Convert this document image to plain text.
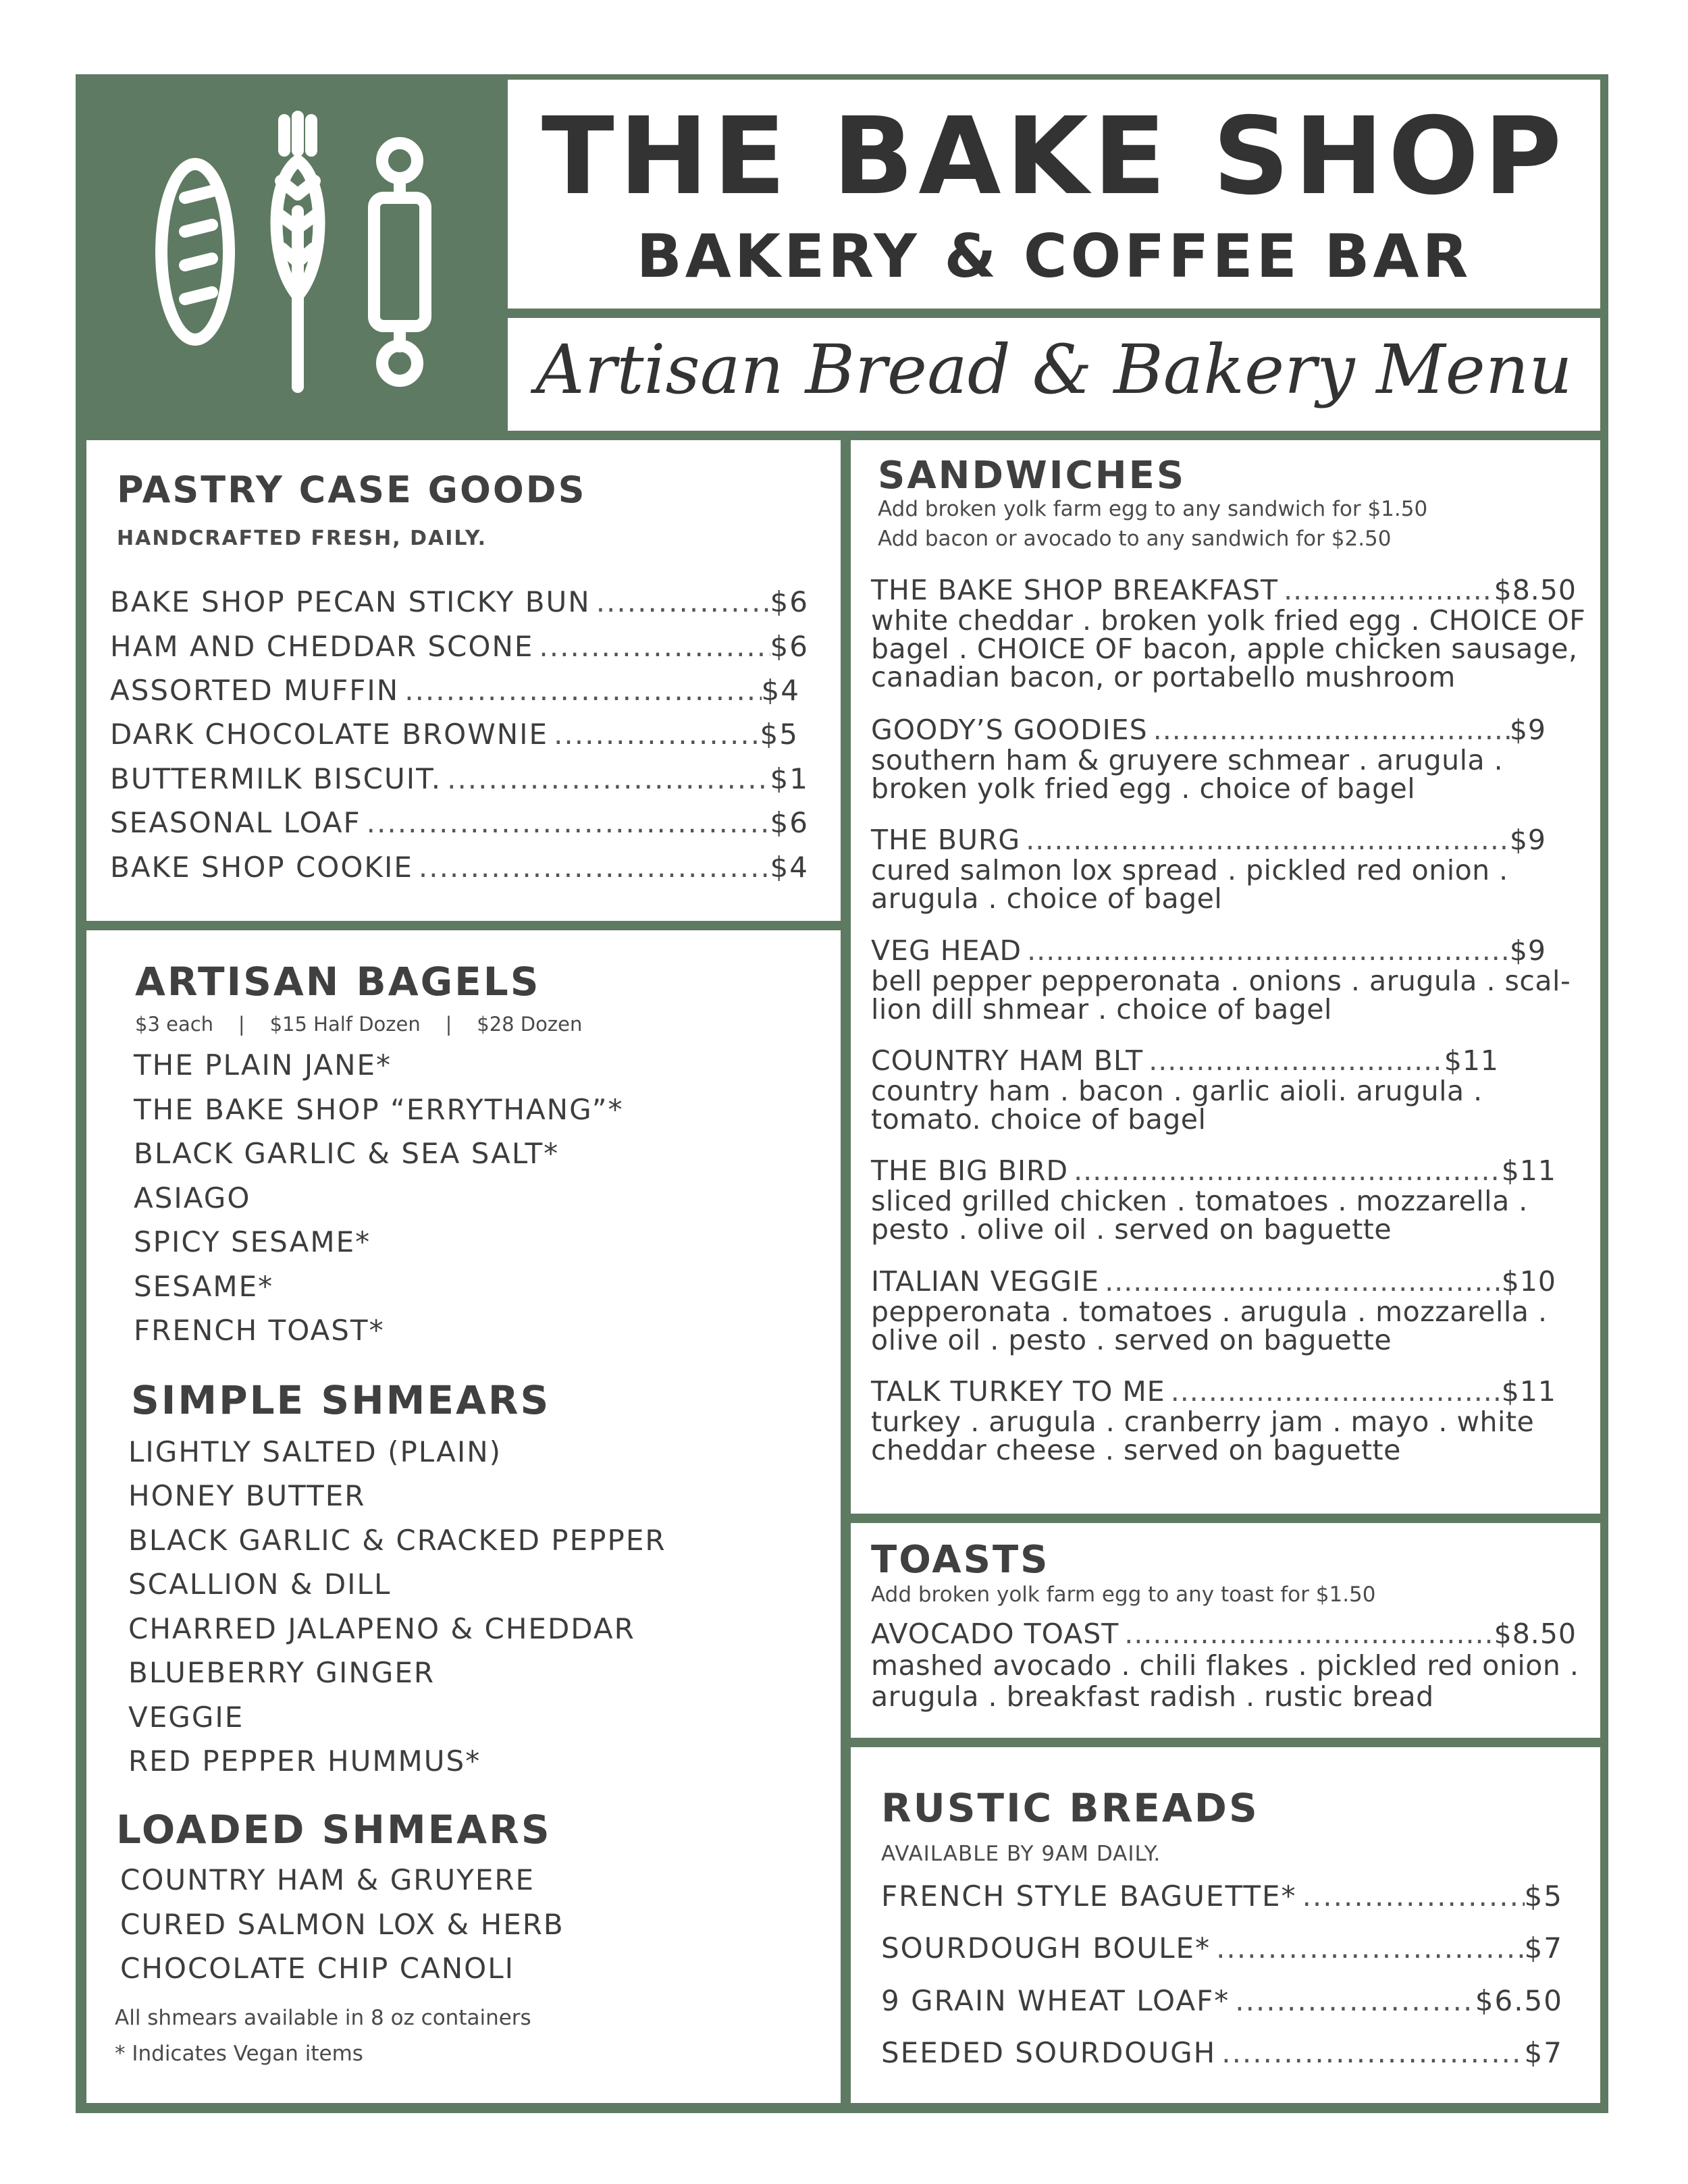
THE BAKE SHOP
BAKERY & COFFEE BAR
Artisan Bread & Bakery Menu
PASTRY CASE GOODS
HANDCRAFTED FRESH, DAILY.
BAKE SHOP PECAN STICKY BUN .....	$6
HAM AND CHEDDAR SCONE .....	$6
ASSORTED MUFFIN .....	$4
DARK CHOCOLATE BROWNIE .....	$5
BUTTERMILK BISCUIT. .....	$1
SEASONAL LOAF .....	$6
BAKE SHOP COOKIE .....	$4
ARTISAN BAGELS
$3 each    |    $15 Half Dozen    |    $28 Dozen
THE PLAIN JANE*
THE BAKE SHOP “ERRYTHANG”*
BLACK GARLIC & SEA SALT*
ASIAGO
SPICY SESAME*
SESAME*
FRENCH TOAST*
SIMPLE SHMEARS
LIGHTLY SALTED (PLAIN)
HONEY BUTTER
BLACK GARLIC & CRACKED PEPPER
SCALLION & DILL
CHARRED JALAPENO & CHEDDAR
BLUEBERRY GINGER
VEGGIE
RED PEPPER HUMMUS*
LOADED SHMEARS
COUNTRY HAM & GRUYERE
CURED SALMON LOX & HERB
CHOCOLATE CHIP CANOLI
All shmears available in 8 oz containers
* Indicates Vegan items
SANDWICHES
Add broken yolk farm egg to any sandwich for $1.50
Add bacon or avocado to any sandwich for $2.50
THE BAKE SHOP BREAKFAST .....	$8.50
white cheddar . broken yolk fried egg . CHOICE OF bagel . CHOICE OF bacon, apple chicken sausage, canadian bacon, or portabello mushroom
GOODY’S GOODIES .....	$9
southern ham & gruyere schmear . arugula . broken yolk fried egg . choice of bagel
THE BURG .....	$9
cured salmon lox spread . pickled red onion . arugula . choice of bagel
VEG HEAD .....	$9
bell pepper pepperonata . onions . arugula . scal-lion dill shmear . choice of bagel
COUNTRY HAM BLT .....	$11
country ham . bacon . garlic aioli. arugula . tomato. choice of bagel
THE BIG BIRD .....	$11
sliced grilled chicken . tomatoes . mozzarella . pesto . olive oil . served on baguette
ITALIAN VEGGIE .....	$10
pepperonata . tomatoes . arugula . mozzarella . olive oil . pesto . served on baguette
TALK TURKEY TO ME .....	$11
turkey . arugula . cranberry jam . mayo . white cheddar cheese . served on baguette
TOASTS
Add broken yolk farm egg to any toast for $1.50
AVOCADO TOAST .....	$8.50
mashed avocado . chili flakes . pickled red onion . arugula . breakfast radish . rustic bread
RUSTIC BREADS
AVAILABLE BY 9AM DAILY.
FRENCH STYLE BAGUETTE* .....	$5
SOURDOUGH BOULE* .....	$7
9 GRAIN WHEAT LOAF* .....	$6.50
SEEDED SOURDOUGH .....	$7
